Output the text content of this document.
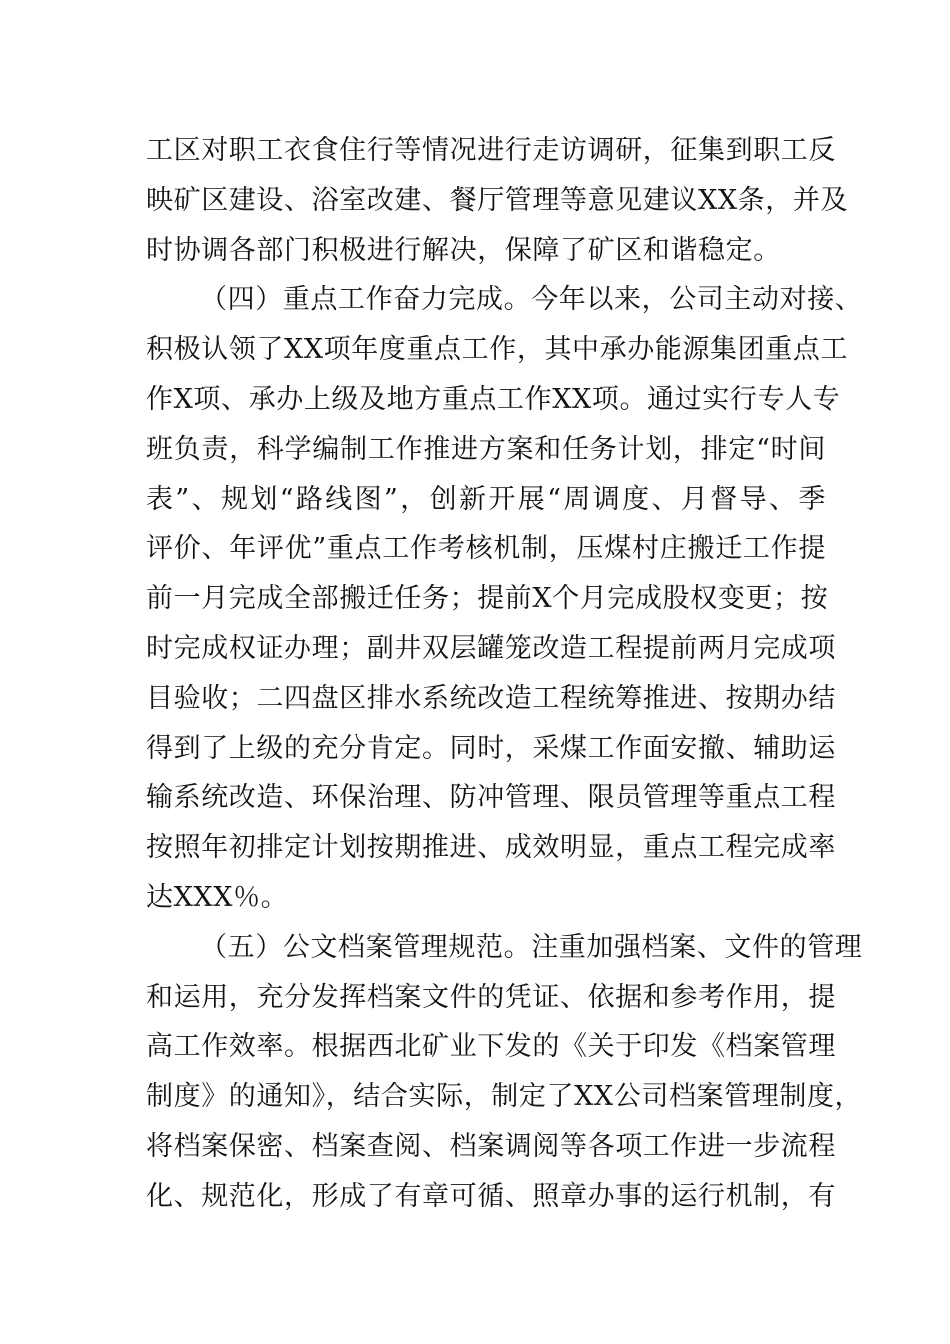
工区对职工衣食住行等情况进行走访调研，征集到职工反
映矿区建设、浴室改建、餐厅管理等意见建议XX条，并及
时协调各部门积极进行解决，保障了矿区和谐稳定。
（四）重点工作奋力完成。今年以来，公司主动对接、
积极认领了XX项年度重点工作，其中承办能源集团重点工
作X项、承办上级及地方重点工作XX项。通过实行专人专
班负责，科学编制工作推进方案和任务计划，排定“时间
表”、规划“路线图”，创新开展“周调度、月督导、季
评价、年评优”重点工作考核机制，压煤村庄搬迁工作提
前一月完成全部搬迁任务；提前X个月完成股权变更；按
时完成权证办理；副井双层罐笼改造工程提前两月完成项
目验收；二四盘区排水系统改造工程统筹推进、按期办结
得到了上级的充分肯定。同时，采煤工作面安撤、辅助运
输系统改造、环保治理、防冲管理、限员管理等重点工程
按照年初排定计划按期推进、成效明显，重点工程完成率
达XXX％。
（五）公文档案管理规范。注重加强档案、文件的管理
和运用，充分发挥档案文件的凭证、依据和参考作用，提
高工作效率。根据西北矿业下发的《关于印发《档案管理
制度》的通知》，结合实际，制定了XX公司档案管理制度，
将档案保密、档案查阅、档案调阅等各项工作进一步流程
化、规范化，形成了有章可循、照章办事的运行机制，有
